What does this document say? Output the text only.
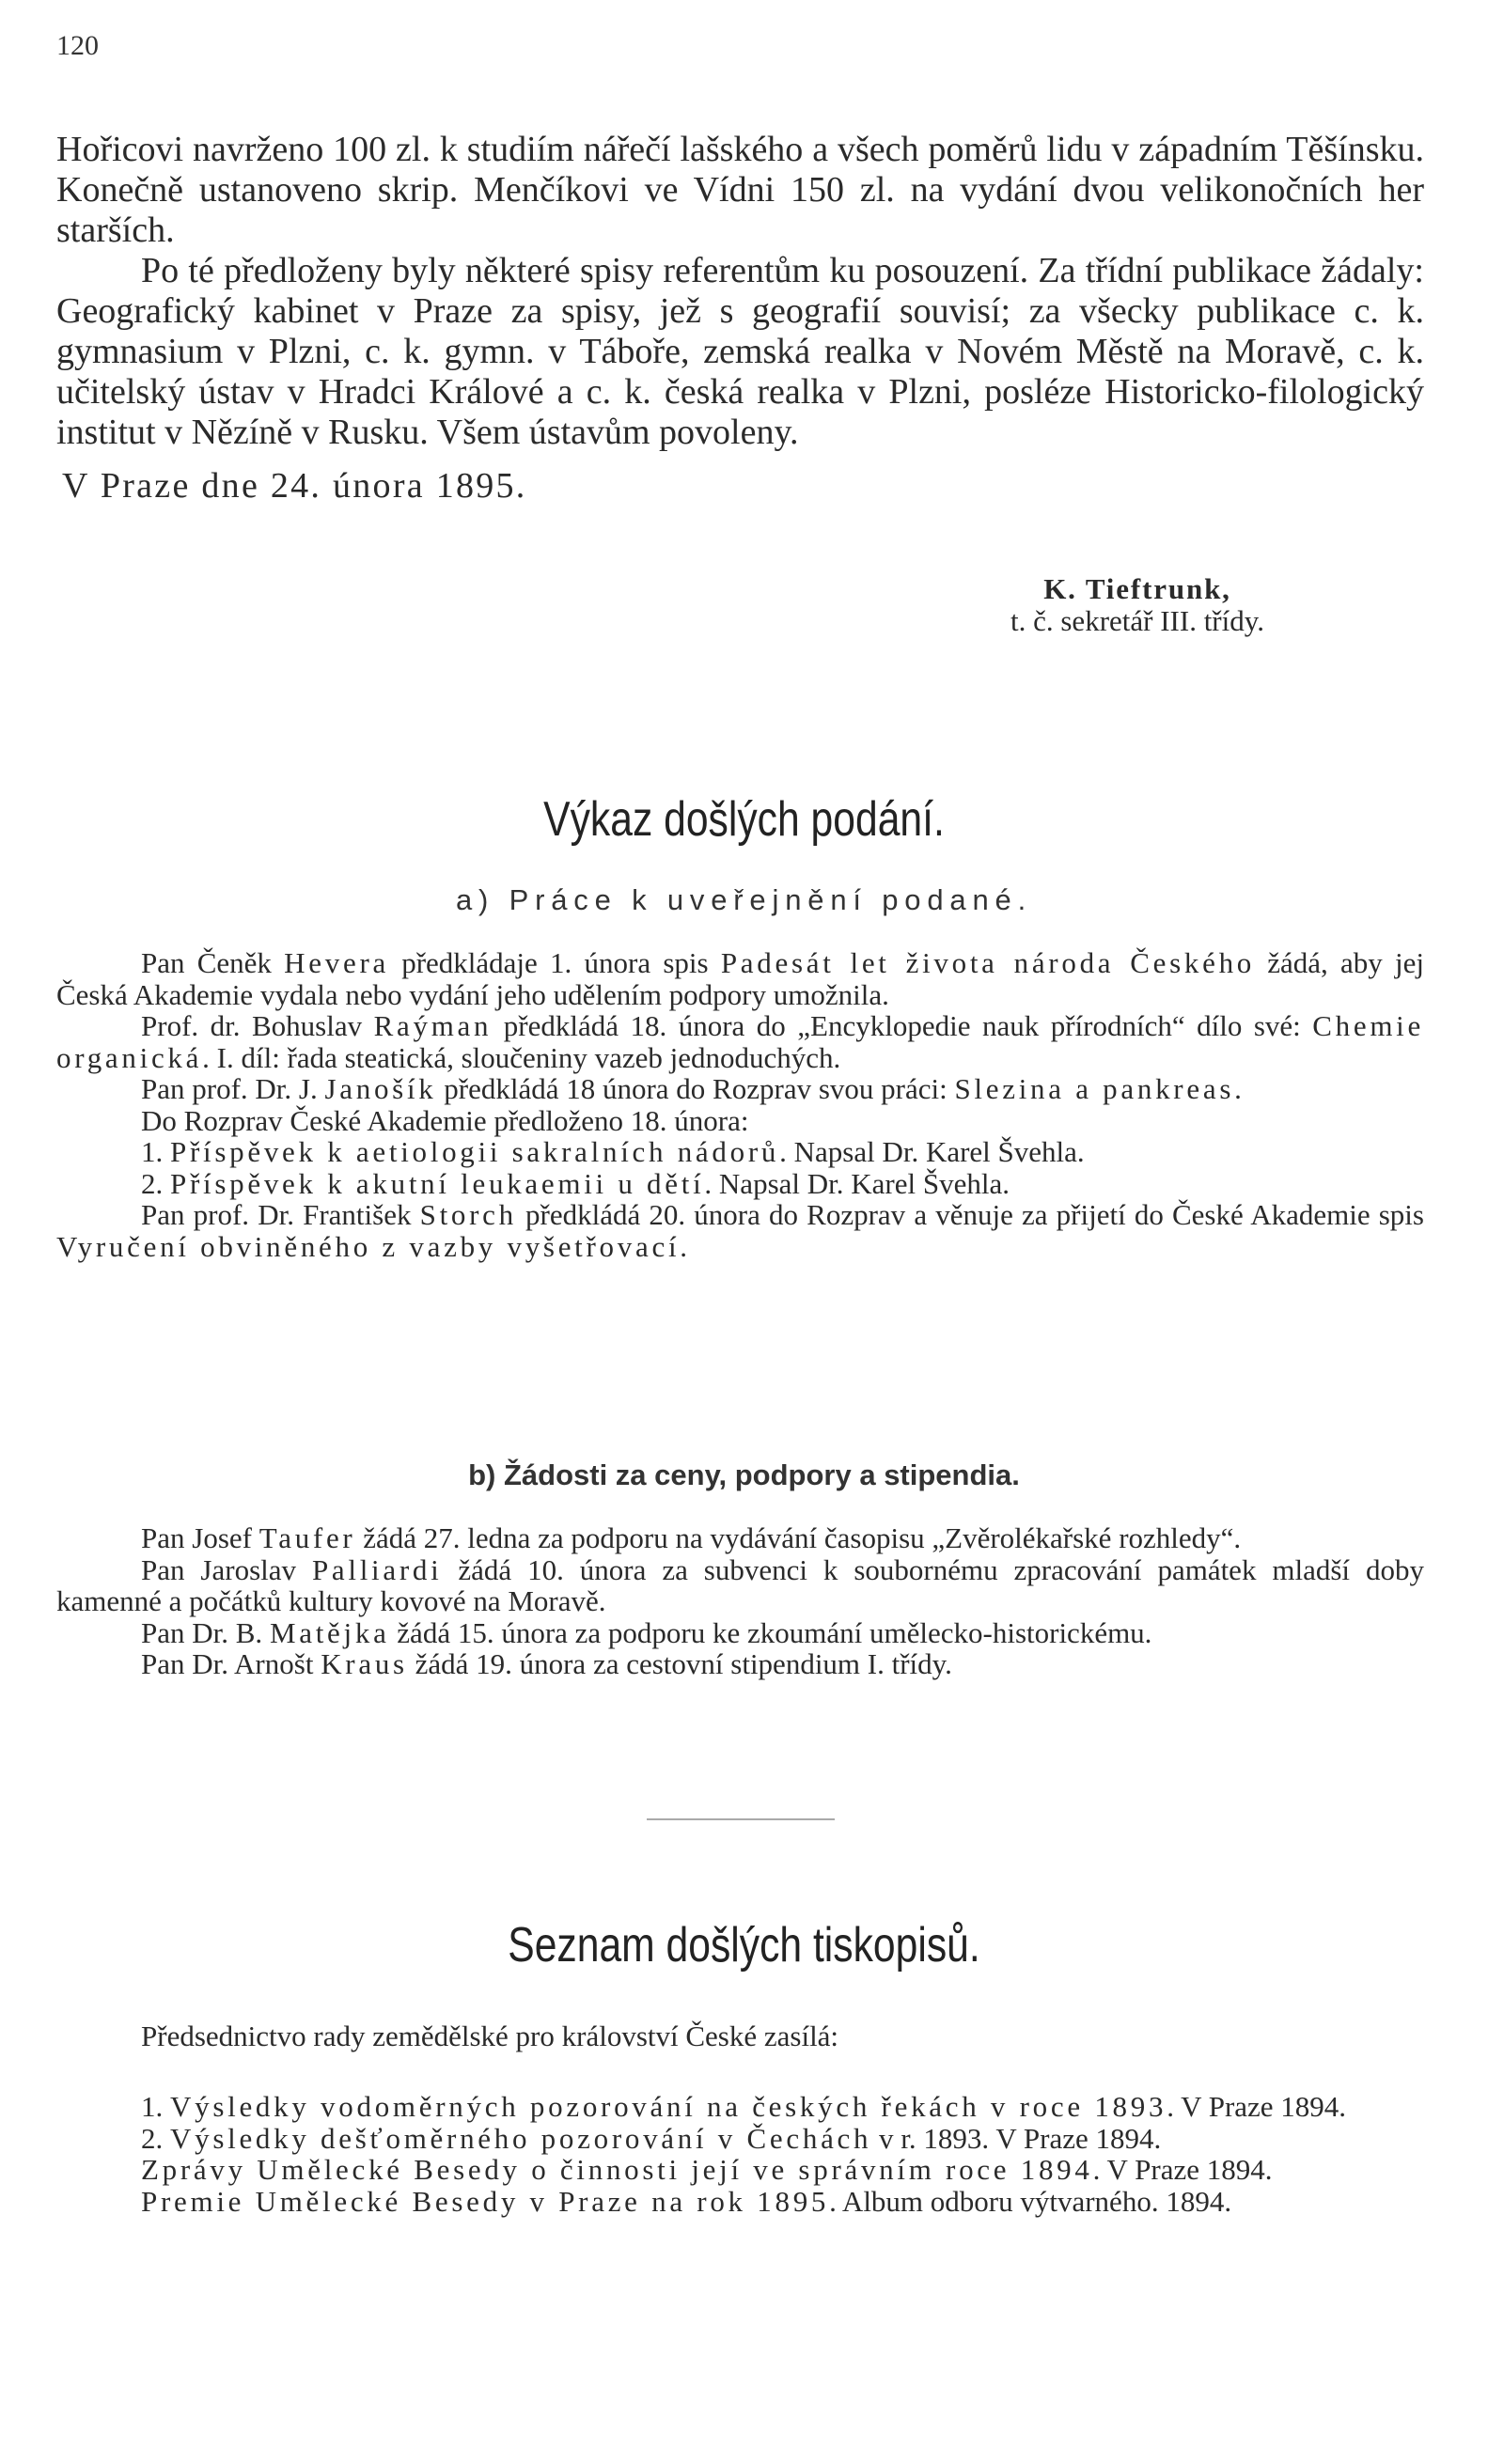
120

Hořicovi navrženo 100 zl. k studiím nářečí lašského a všech poměrů lidu v západním Těšínsku. Konečně ustanoveno skrip. Menčíkovi ve Vídni 150 zl. na vydání dvou velikonočních her starších.

Po té předloženy byly některé spisy referentům ku posouzení. Za třídní publikace žádaly: Geografický kabinet v Praze za spisy, jež s geografií souvisí; za všecky publikace c. k. gymnasium v Plzni, c. k. gymn. v Táboře, zemská realka v Novém Městě na Moravě, c. k. učitelský ústav v Hradci Králové a c. k. česká realka v Plzni, posléze Historicko-filologický institut v Nězíně v Rusku. Všem ústavům povoleny.

V Praze dne 24. února 1895.

K. Tieftrunk,
t. č. sekretář III. třídy.
Výkaz došlých podání.
a) Práce k uveřejnění podané.

Pan Čeněk Hevera předkládaje 1. února spis Padesát let života národa Českého žádá, aby jej Česká Akademie vydala nebo vydání jeho udělením podpory umožnila.

Prof. dr. Bohuslav Raýman předkládá 18. února do „Encyklopedie nauk přírodních“ dílo své: Chemie organická. I. díl: řada steatická, sloučeniny vazeb jednoduchých.

Pan prof. Dr. J. Janošík předkládá 18 února do Rozprav svou práci: Slezina a pankreas.

Do Rozprav České Akademie předloženo 18. února:

1. Příspěvek k aetiologii sakralních nádorů. Napsal Dr. Karel Švehla.

2. Příspěvek k akutní leukaemii u dětí. Napsal Dr. Karel Švehla.

Pan prof. Dr. František Storch předkládá 20. února do Rozprav a věnuje za přijetí do České Akademie spis Vyručení obviněného z vazby vyšetřovací.

b) Žádosti za ceny, podpory a stipendia.

Pan Josef Taufer žádá 27. ledna za podporu na vydávání časopisu „Zvěrolékařské rozhledy“.

Pan Jaroslav Palliardi žádá 10. února za subvenci k soubornému zpracování památek mladší doby kamenné a počátků kultury kovové na Moravě.

Pan Dr. B. Matějka žádá 15. února za podporu ke zkoumání umělecko-historickému.

Pan Dr. Arnošt Kraus žádá 19. února za cestovní stipendium I. třídy.

Seznam došlých tiskopisů.

Předsednictvo rady zemědělské pro království České zasílá:

1. Výsledky vodoměrných pozorování na českých řekách v roce 1893. V Praze 1894.

2. Výsledky dešťoměrného pozorování v Čechách v r. 1893. V Praze 1894.

Zprávy Umělecké Besedy o činnosti její ve správním roce 1894. V Praze 1894.

Premie Umělecké Besedy v Praze na rok 1895. Album odboru výtvarného. 1894.
